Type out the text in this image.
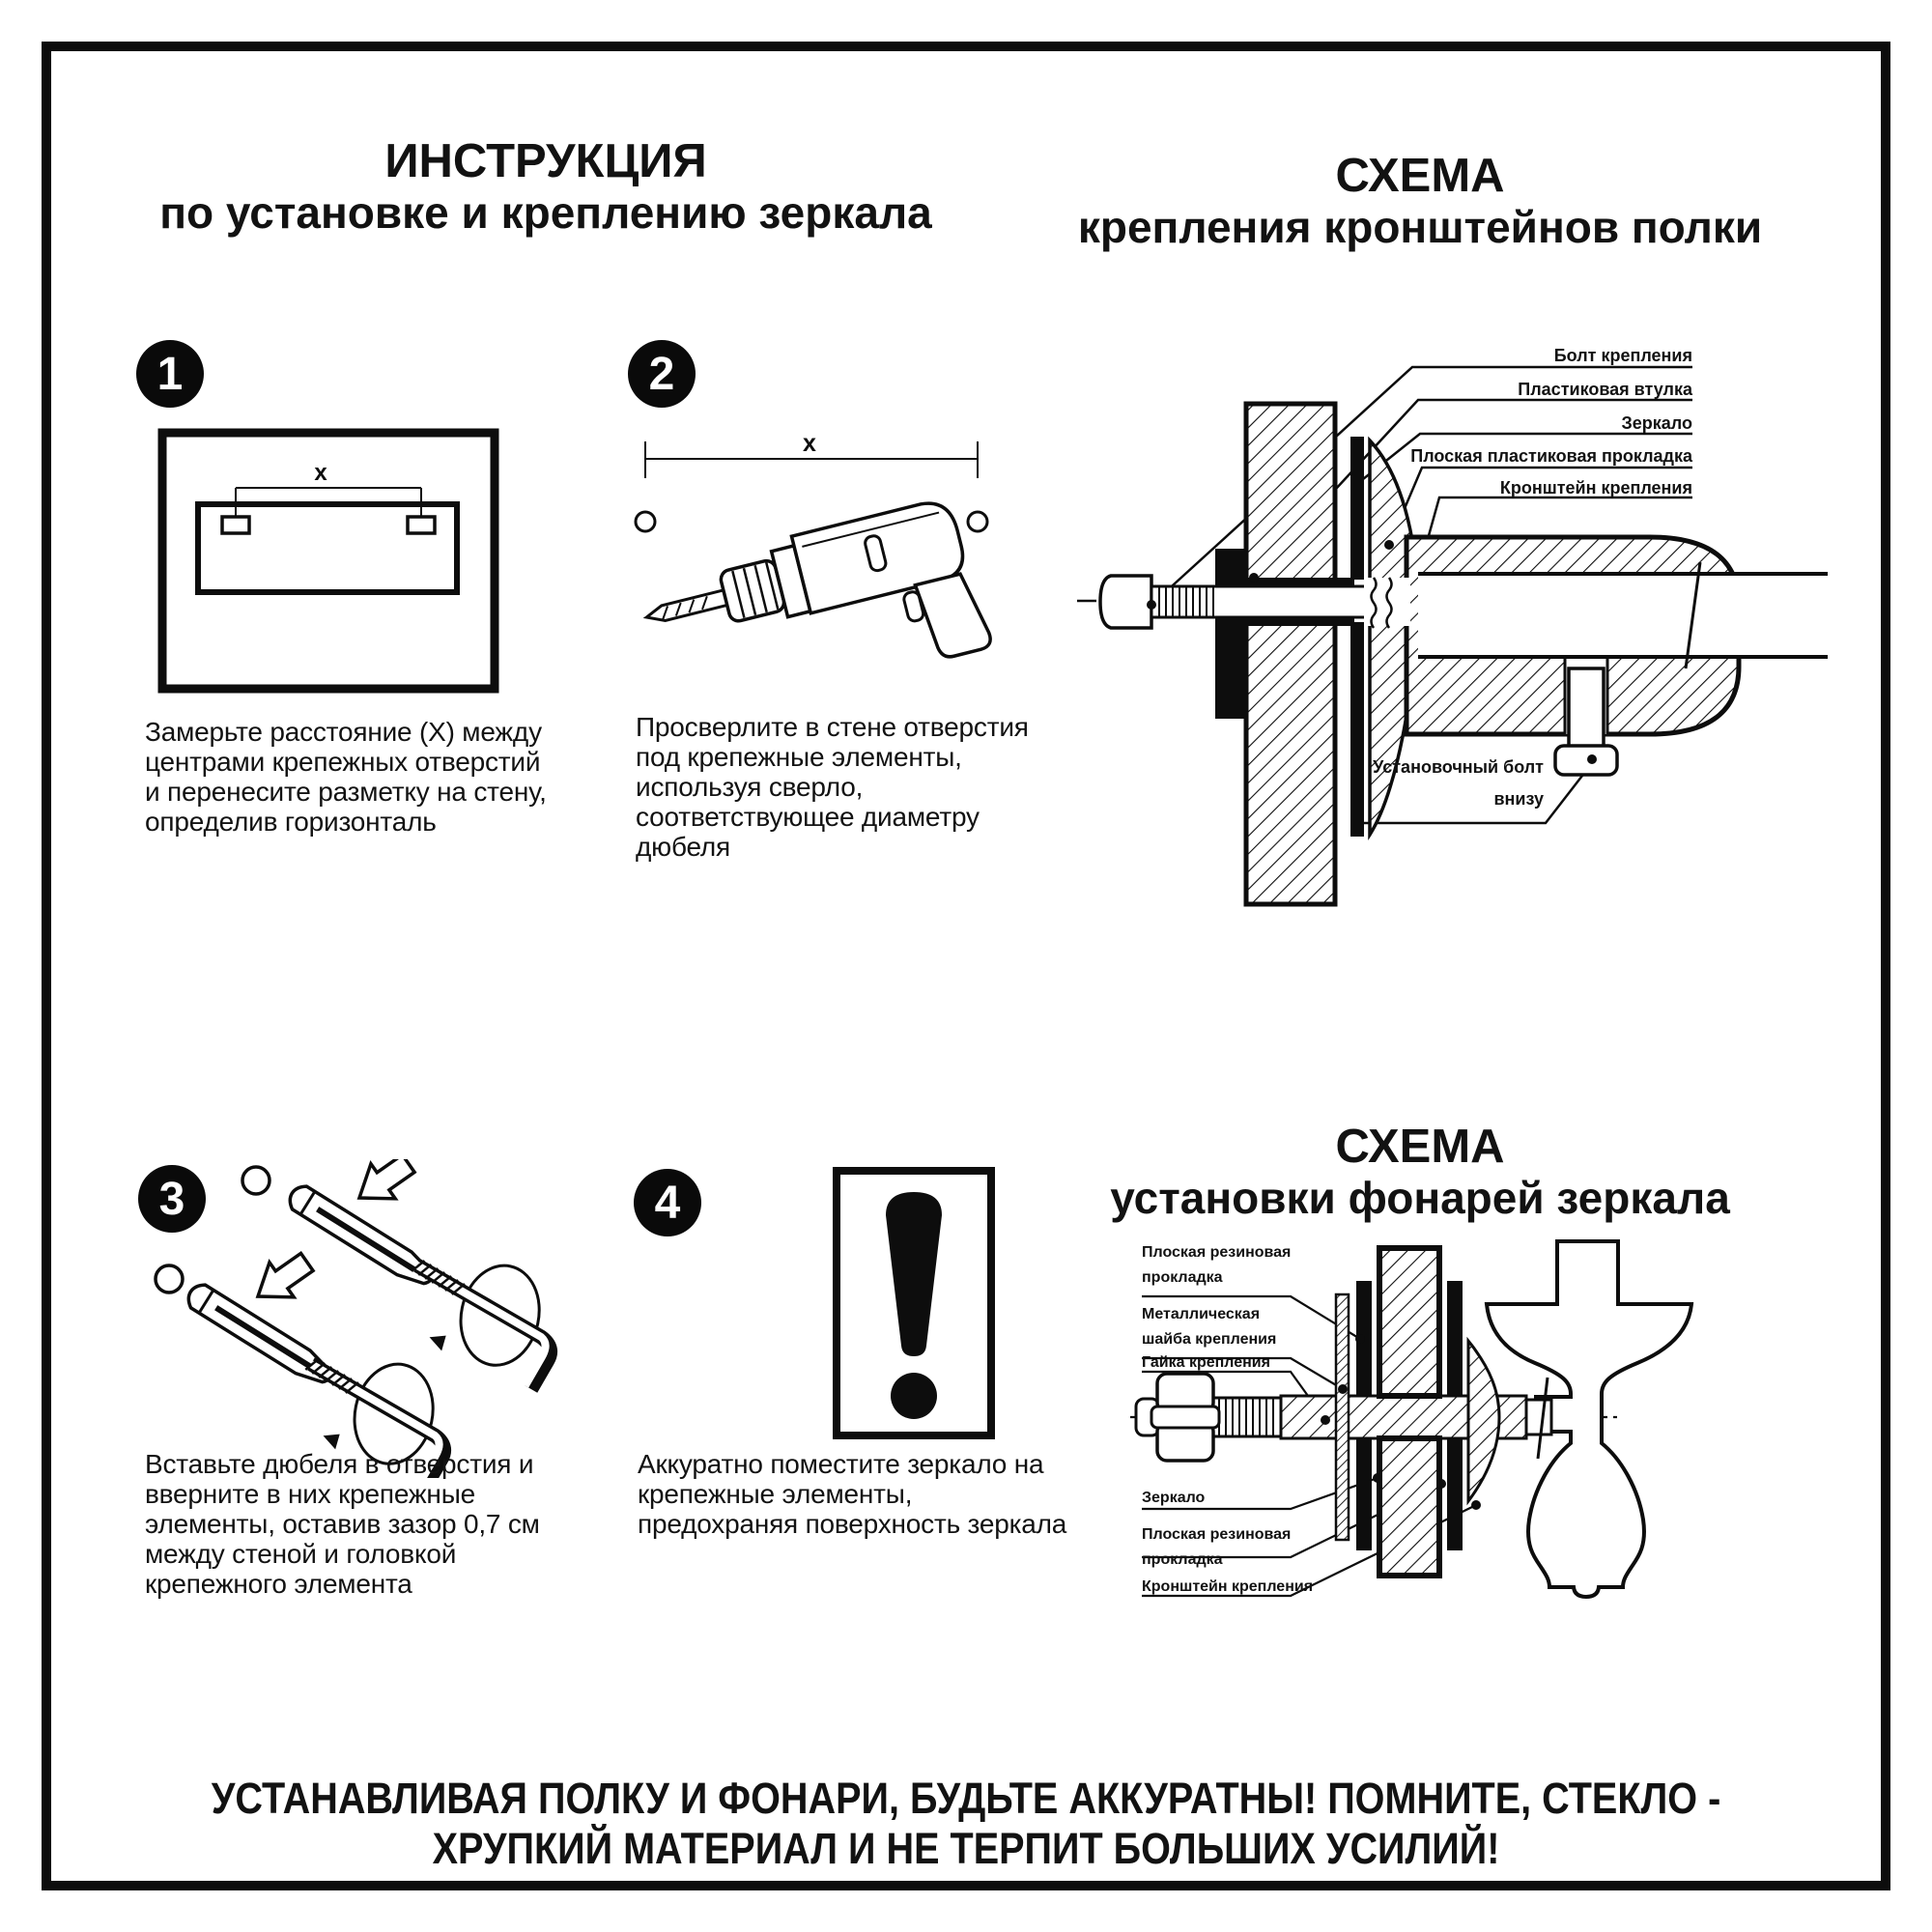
ИНСТРУКЦИЯ
по установке и креплению зеркала
СХЕМА
крепления кронштейнов полки
1
x
Замерьте расстояние (X) между центрами крепежных отверстий и перенесите разметку на стену, определив горизонталь
2
x
Просверлите в стене отверстия под крепежные элементы, используя сверло, соответствующее диаметру дюбеля
Болт крепления
Пластиковая втулка
Зеркало
Плоская пластиковая прокладка
Кронштейн крепления
Установочный болт внизу
3
Вставьте дюбеля в отверстия и вверните в них крепежные элементы, оставив зазор 0,7 см между стеной и головкой крепежного элемента
4
Аккуратно поместите зеркало на крепежные элементы, предохраняя поверхность зеркала
СХЕМА
установки фонарей зеркала
Плоская резиновая прокладка
Металлическая шайба крепления
Гайка крепления
Зеркало
Плоская резиновая прокладка
Кронштейн крепления
УСТАНАВЛИВАЯ ПОЛКУ И ФОНАРИ, БУДЬТЕ АККУРАТНЫ! ПОМНИТЕ, СТЕКЛО -
ХРУПКИЙ МАТЕРИАЛ И НЕ ТЕРПИТ БОЛЬШИХ УСИЛИЙ!
